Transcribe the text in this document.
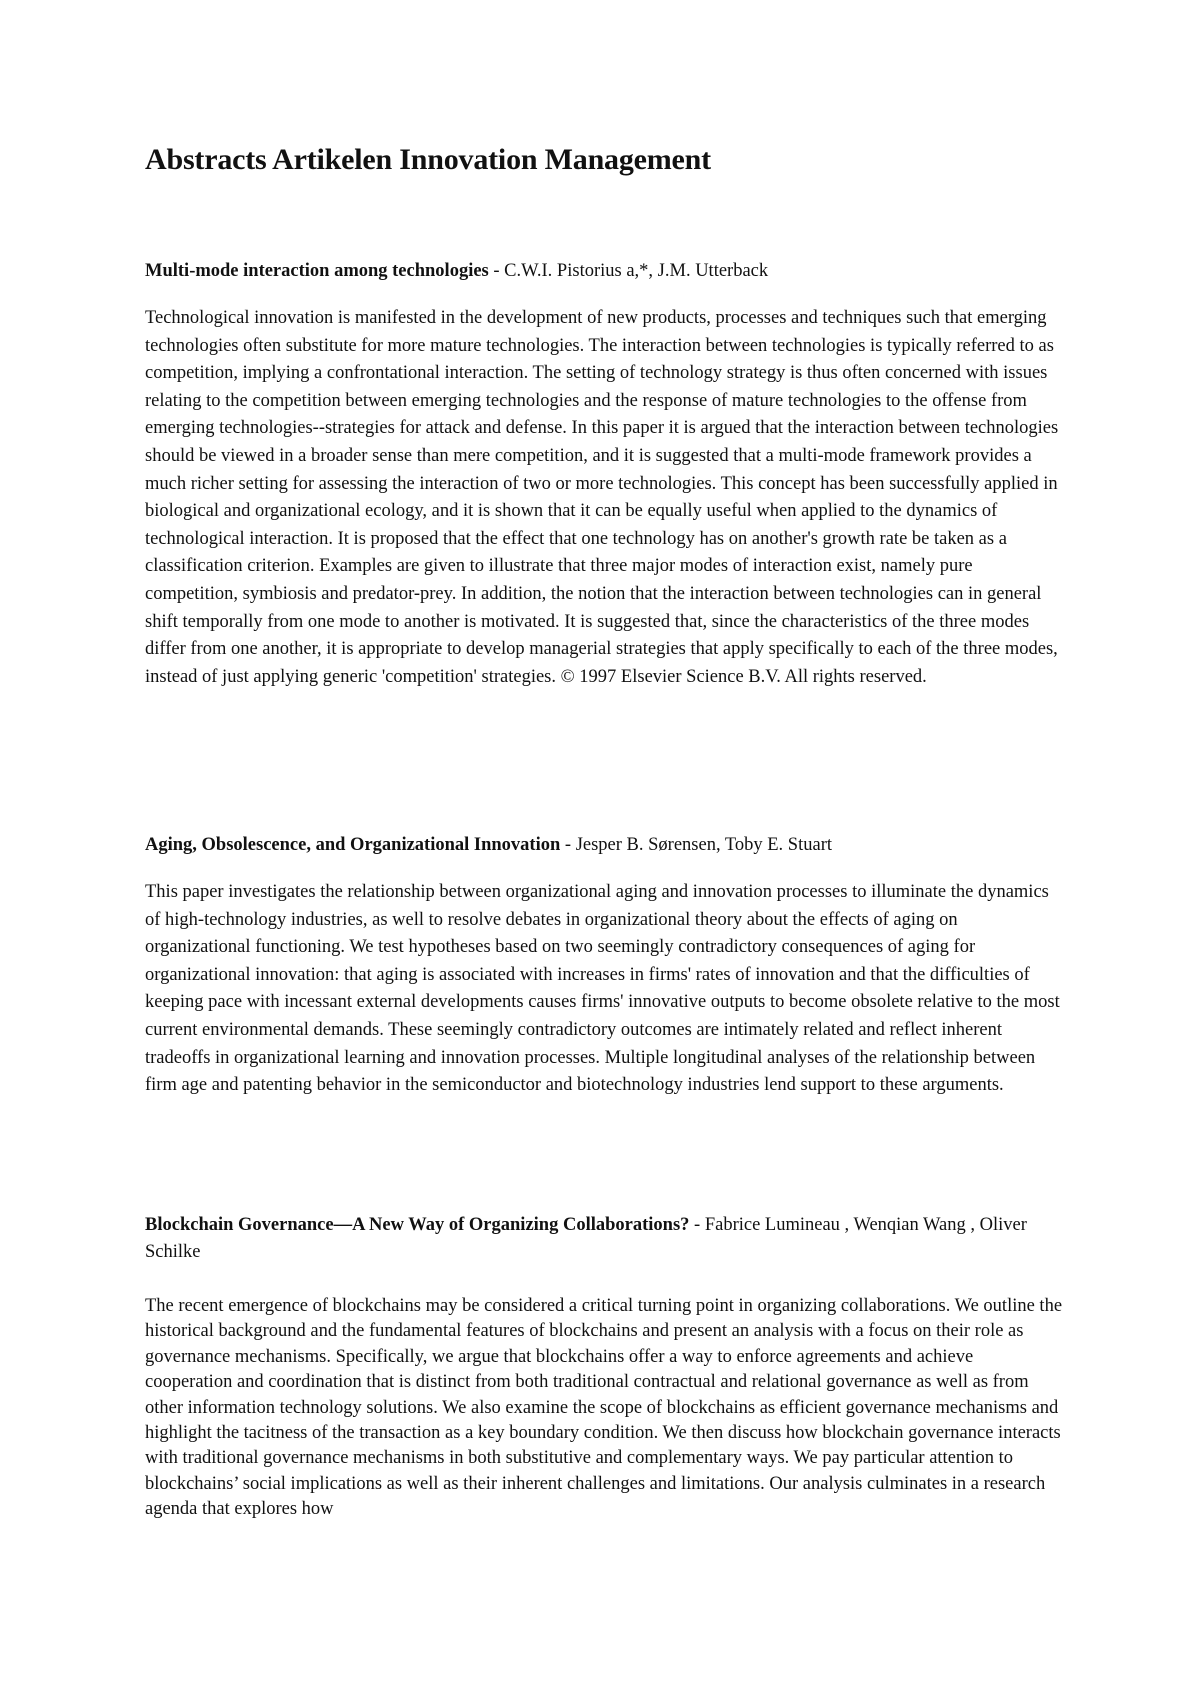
Abstracts Artikelen Innovation Management

Multi-mode interaction among technologies - C.W.I. Pistorius a,*, J.M. Utterback

Technological innovation is manifested in the development of new products, processes and techniques such that emerging technologies often substitute for more mature technologies. The interaction between technologies is typically referred to as competition, implying a confrontational interaction. The setting of technology strategy is thus often concerned with issues relating to the competition between emerging technologies and the response of mature technologies to the offense from emerging technologies--strategies for attack and defense. In this paper it is argued that the interaction between technologies should be viewed in a broader sense than mere competition, and it is suggested that a multi-mode framework provides a much richer setting for assessing the interaction of two or more technologies. This concept has been successfully applied in biological and organizational ecology, and it is shown that it can be equally useful when applied to the dynamics of technological interaction. It is proposed that the effect that one technology has on another's growth rate be taken as a classification criterion. Examples are given to illustrate that three major modes of interaction exist, namely pure competition, symbiosis and predator-prey. In addition, the notion that the interaction between technologies can in general shift temporally from one mode to another is motivated. It is suggested that, since the characteristics of the three modes differ from one another, it is appropriate to develop managerial strategies that apply specifically to each of the three modes, instead of just applying generic 'competition' strategies. © 1997 Elsevier Science B.V. All rights reserved.

Aging, Obsolescence, and Organizational Innovation - Jesper B. Sørensen, Toby E. Stuart

This paper investigates the relationship between organizational aging and innovation processes to illuminate the dynamics of high-technology industries, as well to resolve debates in organizational theory about the effects of aging on organizational functioning. We test hypotheses based on two seemingly contradictory consequences of aging for organizational innovation: that aging is associated with increases in firms' rates of innovation and that the difficulties of keeping pace with incessant external developments causes firms' innovative outputs to become obsolete relative to the most current environmental demands. These seemingly contradictory outcomes are intimately related and reflect inherent tradeoffs in organizational learning and innovation processes. Multiple longitudinal analyses of the relationship between firm age and patenting behavior in the semiconductor and biotechnology industries lend support to these arguments.

Blockchain Governance—A New Way of Organizing Collaborations? - Fabrice Lumineau , Wenqian Wang , Oliver Schilke

The recent emergence of blockchains may be considered a critical turning point in organizing collaborations. We outline the historical background and the fundamental features of blockchains and present an analysis with a focus on their role as governance mechanisms. Specifically, we argue that blockchains offer a way to enforce agreements and achieve cooperation and coordination that is distinct from both traditional contractual and relational governance as well as from other information technology solutions. We also examine the scope of blockchains as efficient governance mechanisms and highlight the tacitness of the transaction as a key boundary condition. We then discuss how blockchain governance interacts with traditional governance mechanisms in both substitutive and complementary ways. We pay particular attention to blockchains’ social implications as well as their inherent challenges and limitations. Our analysis culminates in a research agenda that explores how
